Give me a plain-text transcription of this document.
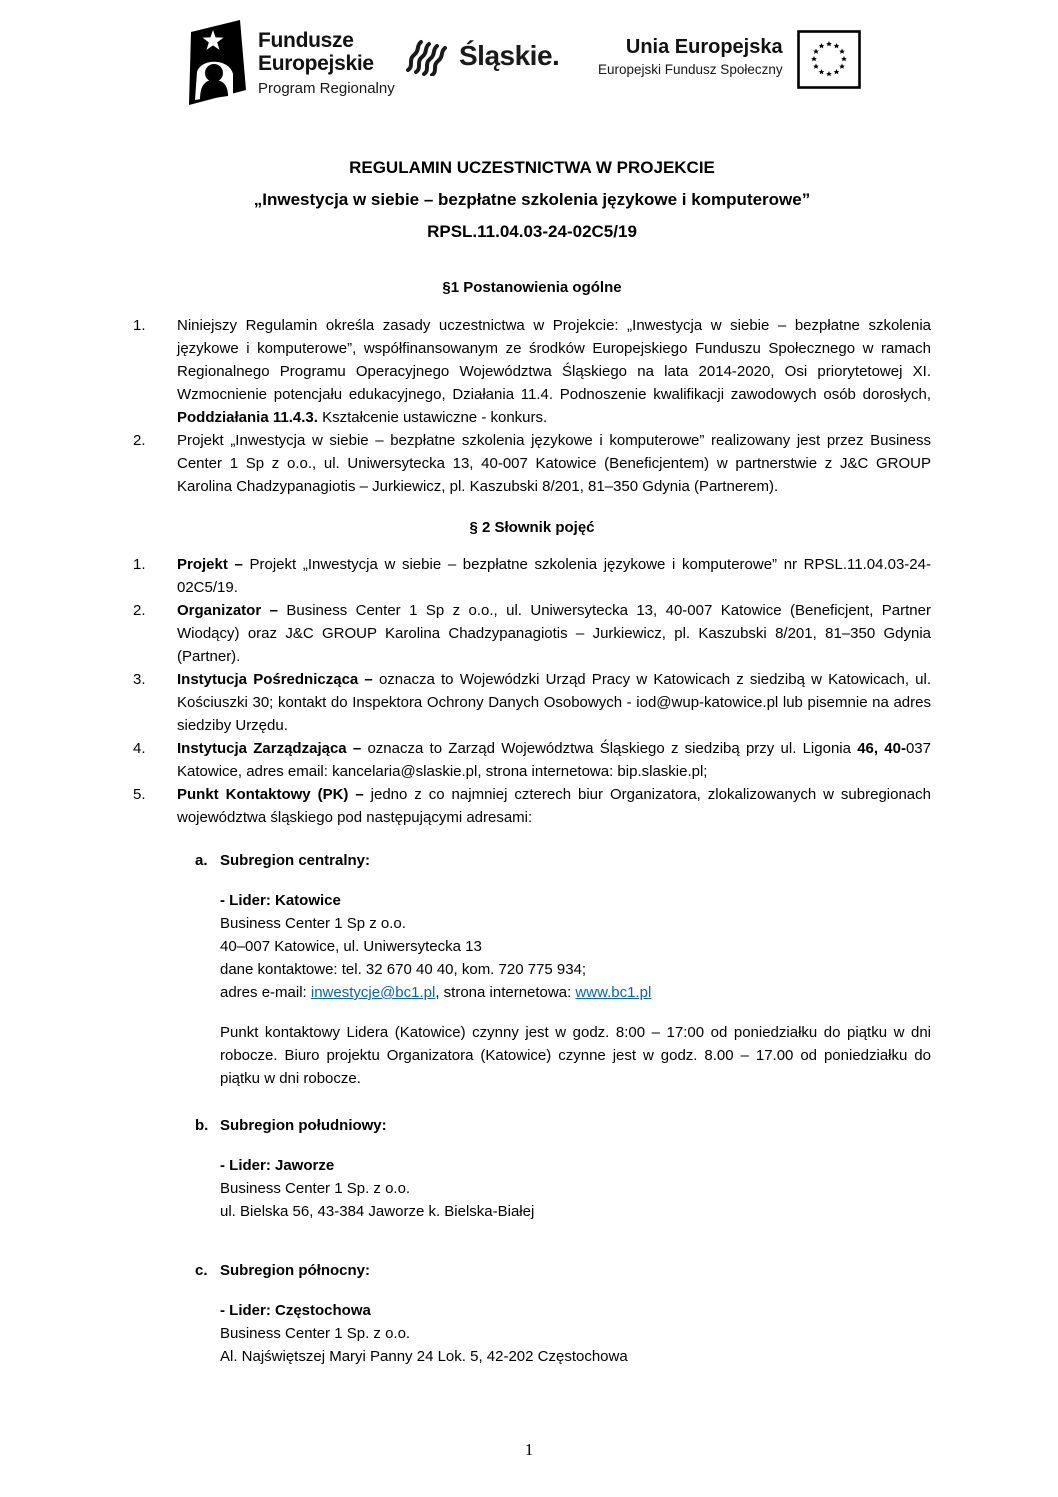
Fundusze
Europejskie
Program Regionalny
Śląskie.	Unia Europejska
Europejski Fundusz Społeczny
REGULAMIN UCZESTNICTWA W PROJEKCIE
„Inwestycja w siebie – bezpłatne szkolenia językowe i komputerowe”
RPSL.11.04.03-24-02C5/19
§1 Postanowienia ogólne
1.	Niniejszy Regulamin określa zasady uczestnictwa w Projekcie: „Inwestycja w siebie – bezpłatne szkolenia językowe i komputerowe”, współfinansowanym ze środków Europejskiego Funduszu Społecznego w ramach Regionalnego Programu Operacyjnego Województwa Śląskiego na lata 2014-2020, Osi priorytetowej XI. Wzmocnienie potencjału edukacyjnego, Działania 11.4. Podnoszenie kwalifikacji zawodowych osób dorosłych, Poddziałania 11.4.3. Kształcenie ustawiczne - konkurs.
2.	Projekt „Inwestycja w siebie – bezpłatne szkolenia językowe i komputerowe” realizowany jest przez Business Center 1 Sp z o.o., ul. Uniwersytecka 13, 40-007 Katowice (Beneficjentem) w partnerstwie z J&C GROUP Karolina Chadzypanagiotis – Jurkiewicz, pl. Kaszubski 8/201, 81–350 Gdynia (Partnerem).
§ 2 Słownik pojęć
1.	Projekt – Projekt „Inwestycja w siebie – bezpłatne szkolenia językowe i komputerowe” nr RPSL.11.04.03-24-02C5/19.
2.	Organizator – Business Center 1 Sp z o.o., ul. Uniwersytecka 13, 40-007 Katowice (Beneficjent, Partner Wiodący) oraz J&C GROUP Karolina Chadzypanagiotis – Jurkiewicz, pl. Kaszubski 8/201, 81–350 Gdynia (Partner).
3.	Instytucja Pośrednicząca – oznacza to Wojewódzki Urząd Pracy w Katowicach z siedzibą w Katowicach, ul. Kościuszki 30; kontakt do Inspektora Ochrony Danych Osobowych - iod@wup-katowice.pl lub pisemnie na adres siedziby Urzędu.
4.	Instytucja Zarządzająca – oznacza to Zarząd Województwa Śląskiego z siedzibą przy ul. Ligonia 46, 40-037 Katowice, adres email: kancelaria@slaskie.pl, strona internetowa: bip.slaskie.pl;
5.	Punkt Kontaktowy (PK) – jedno z co najmniej czterech biur Organizatora, zlokalizowanych w subregionach województwa śląskiego pod następującymi adresami:
a. Subregion centralny:
- Lider: Katowice
Business Center 1 Sp z o.o.
40–007 Katowice, ul. Uniwersytecka 13
dane kontaktowe: tel. 32 670 40 40, kom. 720 775 934;
adres e-mail: inwestycje@bc1.pl, strona internetowa: www.bc1.pl
Punkt kontaktowy Lidera (Katowice) czynny jest w godz. 8:00 – 17:00 od poniedziałku do piątku w dni robocze. Biuro projektu Organizatora (Katowice) czynne jest w godz. 8.00 – 17.00 od poniedziałku do piątku w dni robocze.
b. Subregion południowy:
- Lider: Jaworze
Business Center 1 Sp. z o.o.
ul. Bielska 56, 43-384 Jaworze k. Bielska-Białej
c. Subregion północny:
- Lider: Częstochowa
Business Center 1 Sp. z o.o.
Al. Najświętszej Maryi Panny 24 Lok. 5, 42-202 Częstochowa
1
